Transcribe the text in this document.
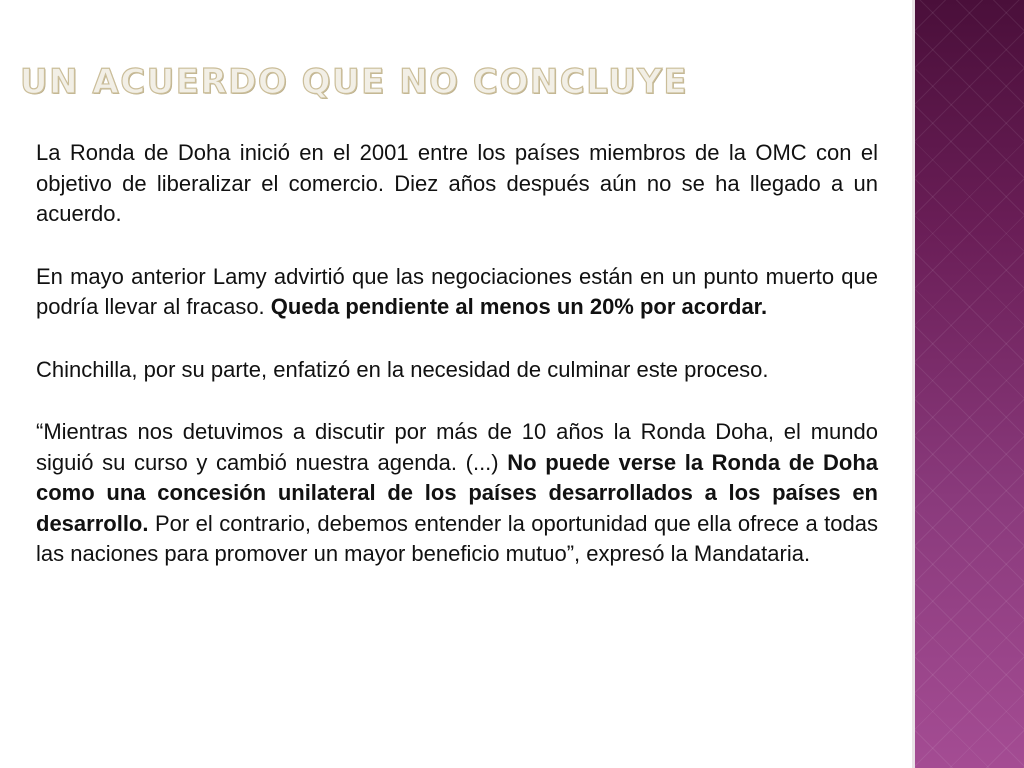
UN ACUERDO QUE NO CONCLUYE

La Ronda de Doha inició en el 2001 entre los países miembros de la OMC con el objetivo de liberalizar el comercio. Diez años después aún no se ha llegado a un acuerdo.

En mayo anterior Lamy advirtió que las negociaciones están en un punto muerto que podría llevar al fracaso. Queda pendiente al menos un 20% por acordar.

Chinchilla, por su parte, enfatizó en la necesidad de culminar este proceso.

“Mientras nos detuvimos a discutir por más de 10 años la Ronda Doha, el mundo siguió su curso y cambió nuestra agenda. (...) No puede verse la Ronda de Doha como una concesión unilateral de los países desarrollados a los países en desarrollo. Por el contrario, debemos entender la oportunidad que ella ofrece a todas las naciones para promover un mayor beneficio mutuo”, expresó la Mandataria.
